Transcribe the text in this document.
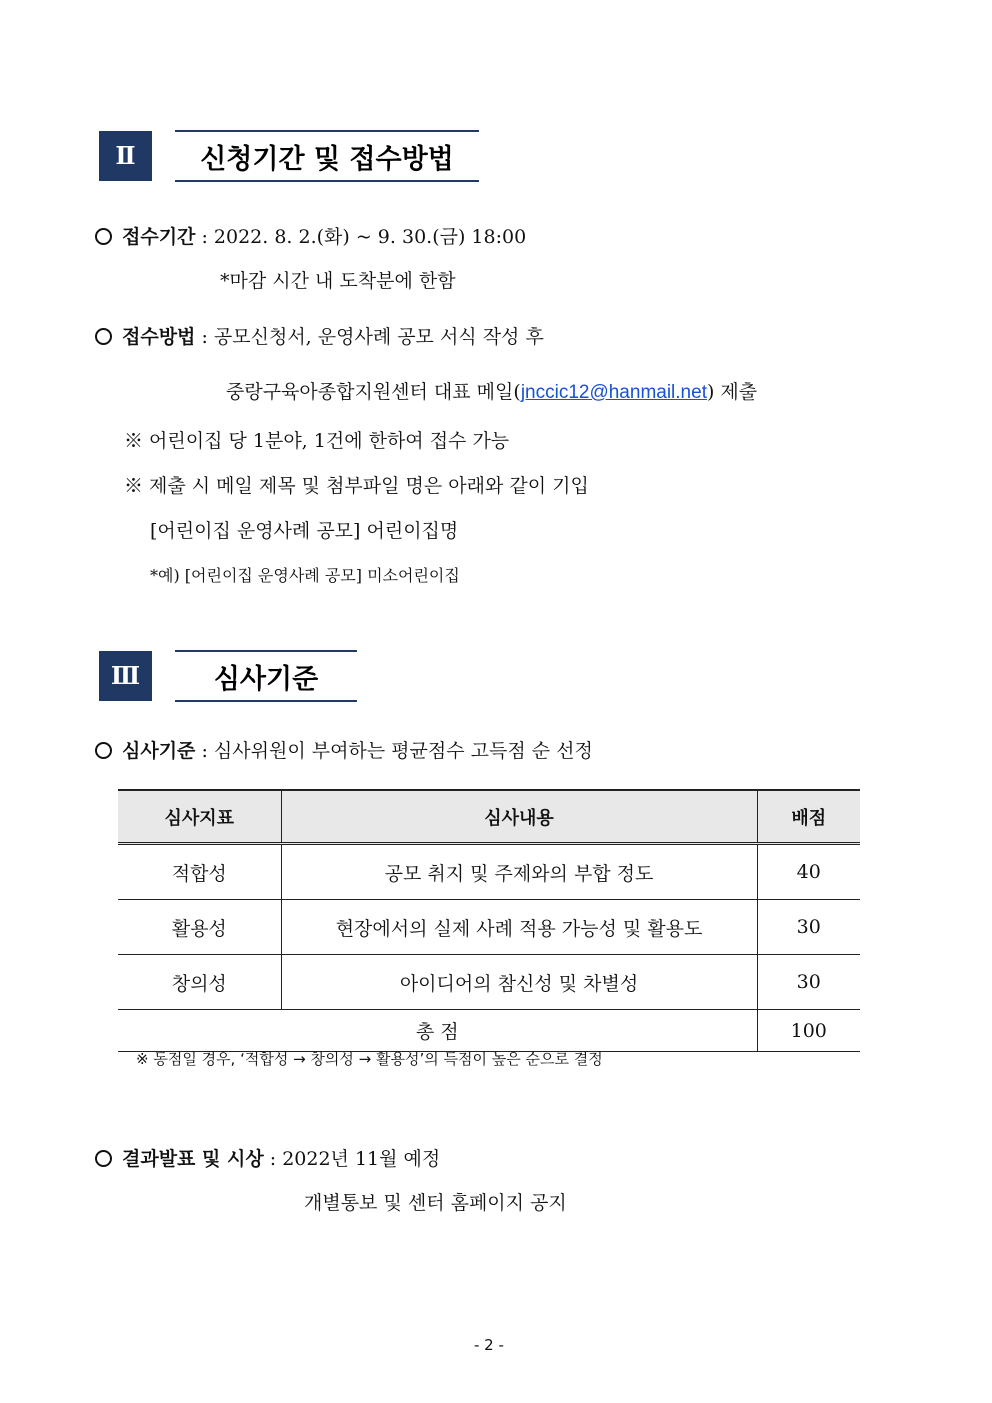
Ⅱ	신청기간 및 접수방법
접수기간 : 2022. 8. 2.(화) ~ 9. 30.(금) 18:00
*마감 시간 내 도착분에 한함
접수방법 : 공모신청서, 운영사례 공모 서식 작성 후
중랑구육아종합지원센터 대표 메일(jnccic12@hanmail.net) 제출
※ 어린이집 당 1분야, 1건에 한하여 접수 가능
※ 제출 시 메일 제목 및 첨부파일 명은 아래와 같이 기입
[어린이집 운영사례 공모] 어린이집명
*예) [어린이집 운영사례 공모] 미소어린이집
Ⅲ	심사기준
심사기준 : 심사위원이 부여하는 평균점수 고득점 순 선정
심사지표	심사내용	배점
적합성	공모 취지 및 주제와의 부합 정도	40
활용성	현장에서의 실제 사례 적용 가능성 및 활용도	30
창의성	아이디어의 참신성 및 차별성	30
총 점		100
※ 동점일 경우, ‘적합성 → 창의성 → 활용성’의 득점이 높은 순으로 결정
결과발표 및 시상 : 2022년 11월 예정
개별통보 및 센터 홈페이지 공지
- 2 -
